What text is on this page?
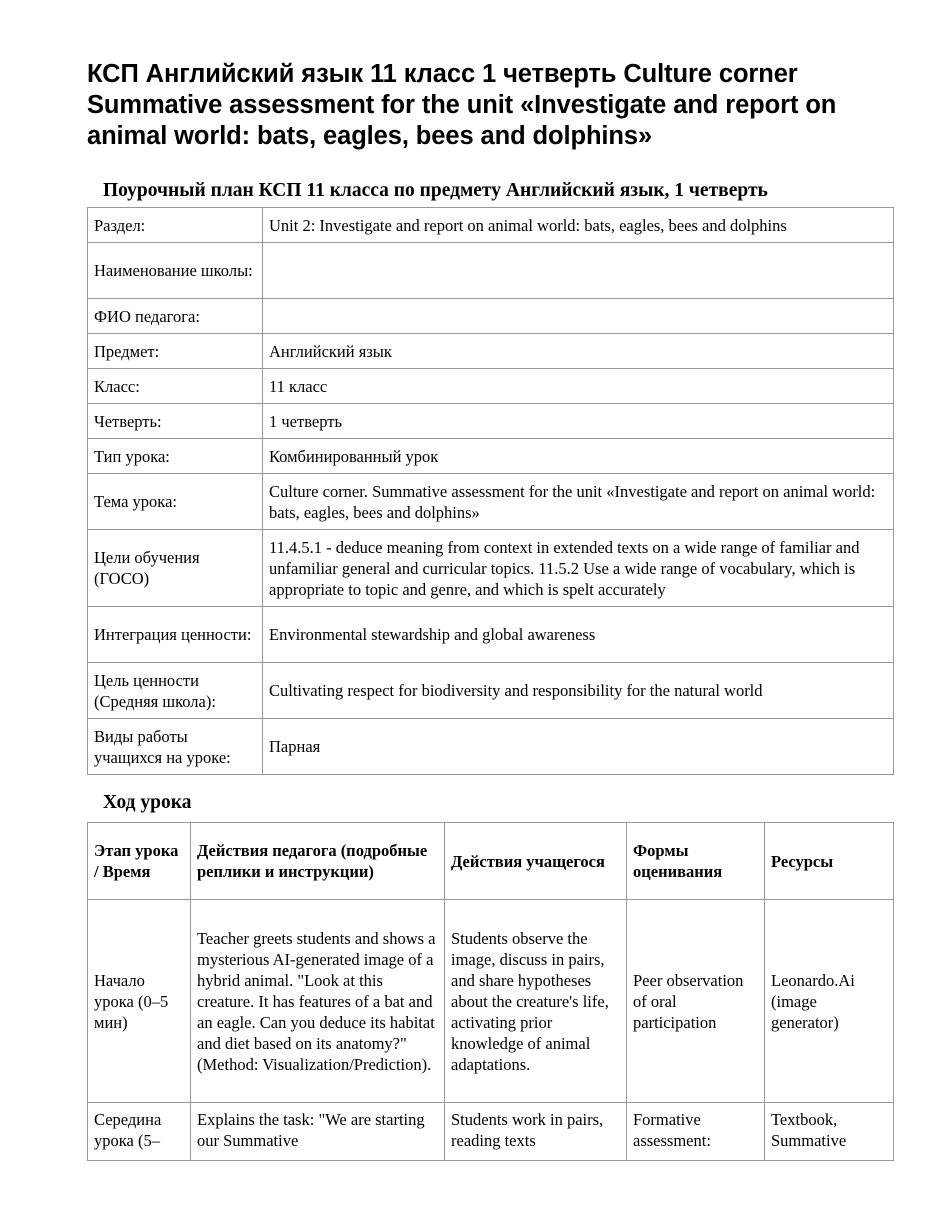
КСП Английский язык 11 класс 1 четверть Culture corner Summative assessment for the unit «Investigate and report on animal world: bats, eagles, bees and dolphins»
Поурочный план КСП 11 класса по предмету Английский язык, 1 четверть
Раздел:	Unit 2: Investigate and report on animal world: bats, eagles, bees and dolphins
Наименование школы:	
ФИО педагога:	
Предмет:	Английский язык
Класс:	11 класс
Четверть:	1 четверть
Тип урока:	Комбинированный урок
Тема урока:	Culture corner. Summative assessment for the unit «Investigate and report on animal world: bats, eagles, bees and dolphins»
Цели обучения (ГОСО)	11.4.5.1 - deduce meaning from context in extended texts on a wide range of familiar and unfamiliar general and curricular topics. 11.5.2 Use a wide range of vocabulary, which is appropriate to topic and genre, and which is spelt accurately
Интеграция ценности:	Environmental stewardship and global awareness
Цель ценности (Средняя школа):	Cultivating respect for biodiversity and responsibility for the natural world
Виды работы учащихся на уроке:	Парная
Ход урока
Этап урока / Время	Действия педагога (подробные реплики и инструкции)	Действия учащегося	Формы оценивания	Ресурсы
Начало урока (0–5 мин)	Teacher greets students and shows a mysterious AI-generated image of a hybrid animal. "Look at this creature. It has features of a bat and an eagle. Can you deduce its habitat and diet based on its anatomy?" (Method: Visualization/Prediction).	Students observe the image, discuss in pairs, and share hypotheses about the creature's life, activating prior knowledge of animal adaptations.	Peer observation of oral participation	Leonardo.Ai (image generator)
Середина урока (5–	Explains the task: "We are starting our Summative	Students work in pairs, reading texts	Formative assessment:	Textbook, Summative
